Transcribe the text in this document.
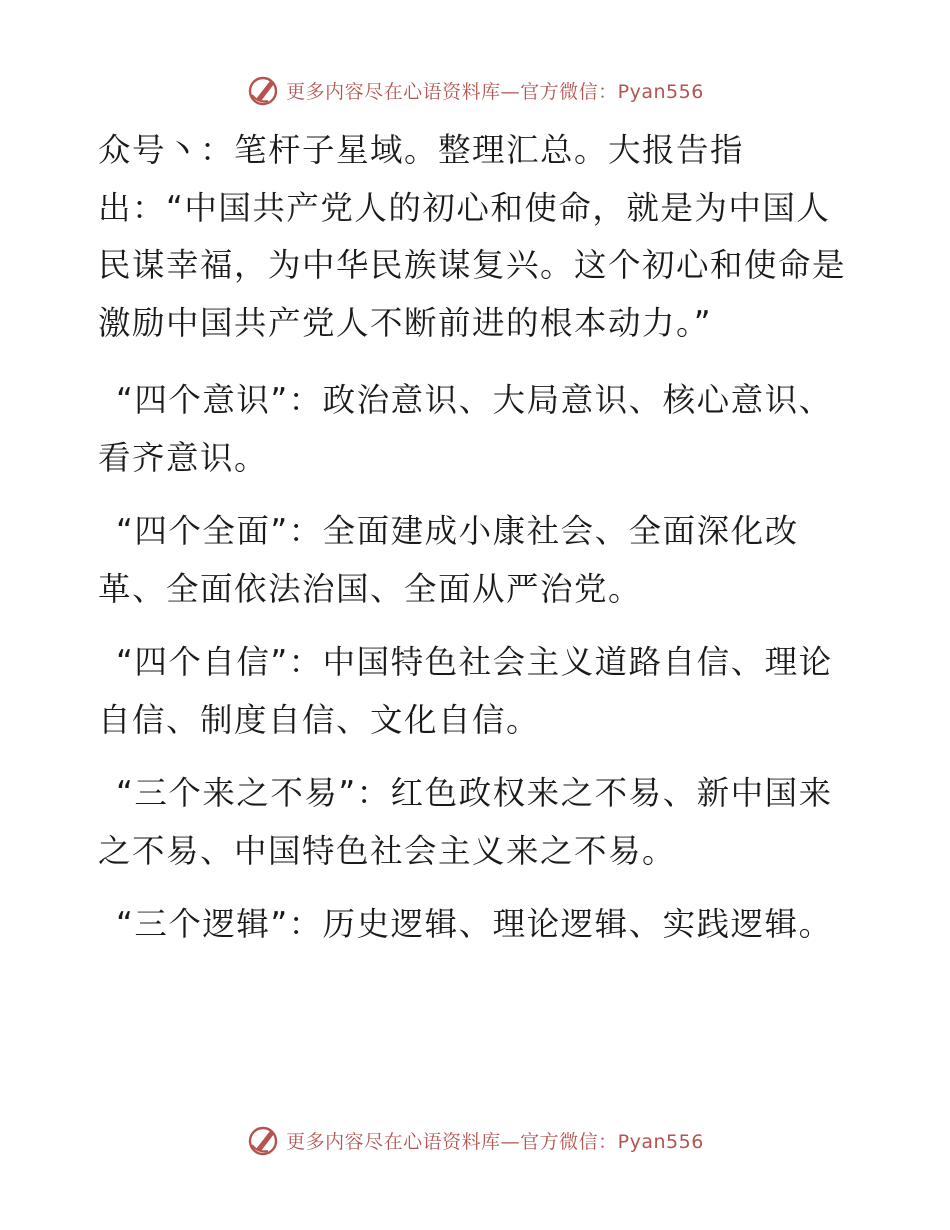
更多内容尽在心语资料库—官方微信：Pyan556

众号丶：笔杆子星域。整理汇总。大报告指出：“中国共产党人的初心和使命，就是为中国人民谋幸福，为中华民族谋复兴。这个初心和使命是激励中国共产党人不断前进的根本动力。”

“四个意识”：政治意识、大局意识、核心意识、看齐意识。

“四个全面”：全面建成小康社会、全面深化改革、全面依法治国、全面从严治党。

“四个自信”：中国特色社会主义道路自信、理论自信、制度自信、文化自信。

“三个来之不易”：红色政权来之不易、新中国来之不易、中国特色社会主义来之不易。

“三个逻辑”：历史逻辑、理论逻辑、实践逻辑。

更多内容尽在心语资料库—官方微信：Pyan556
